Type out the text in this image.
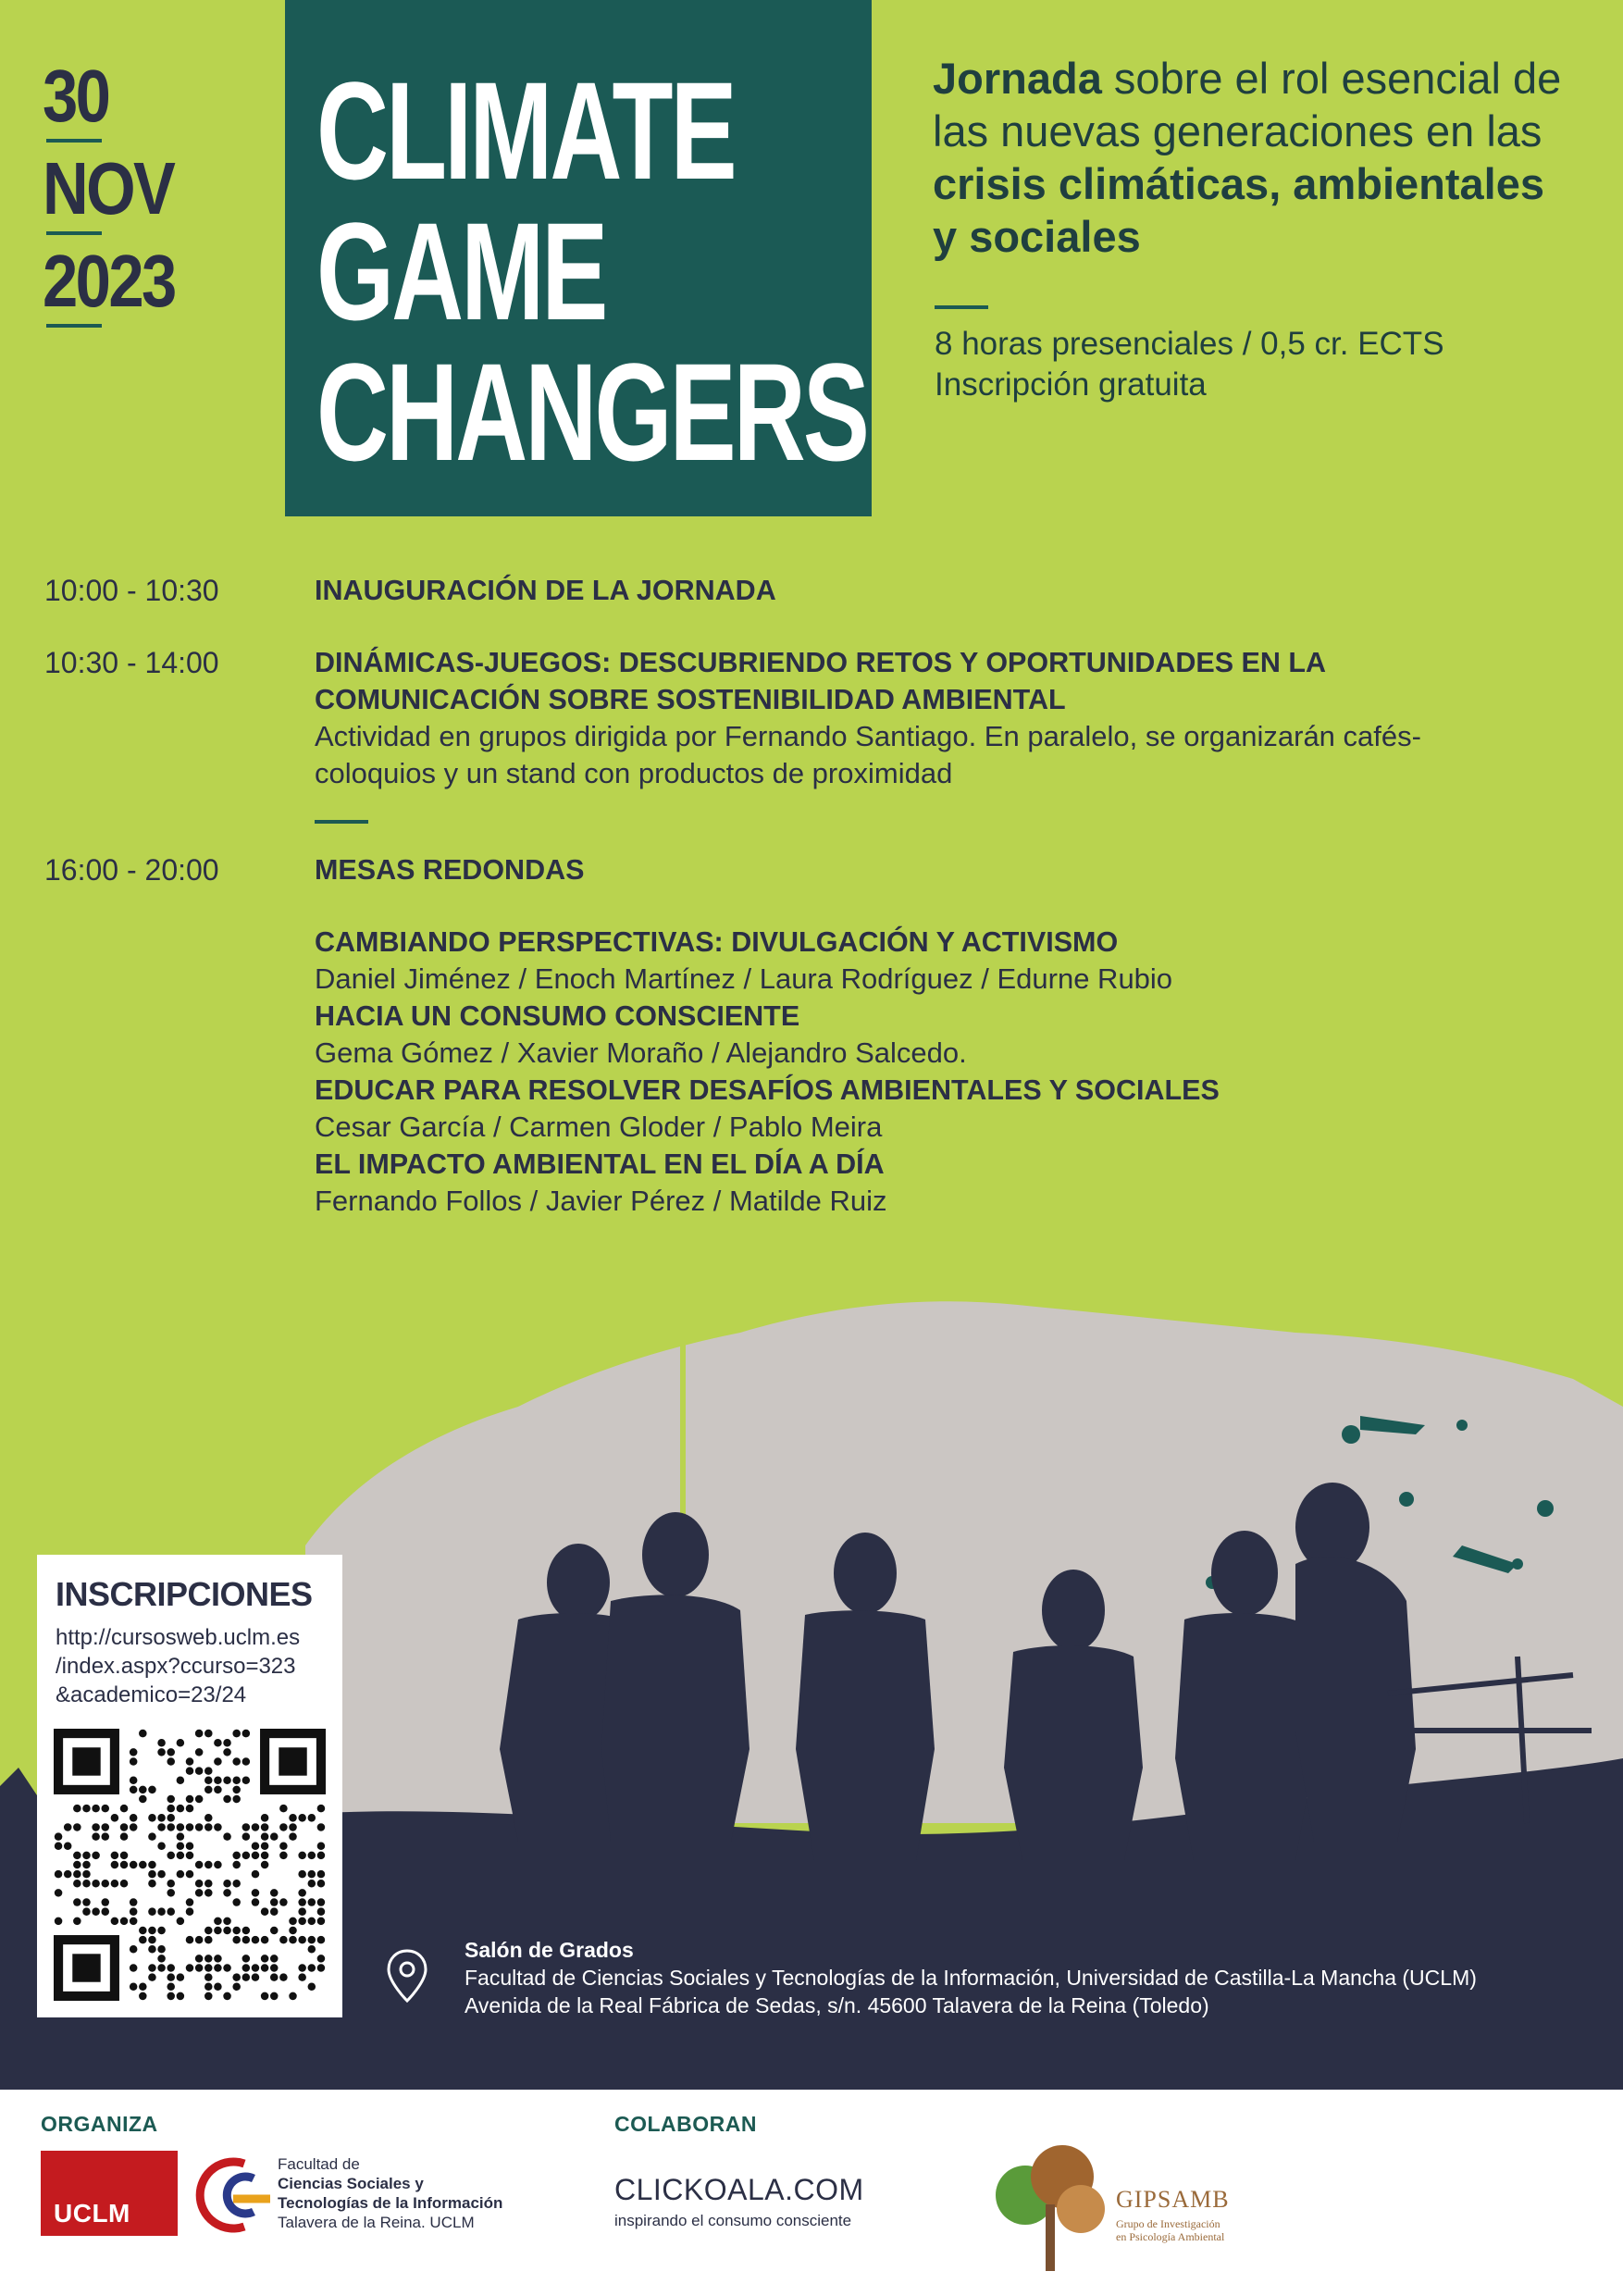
30
NOV
2023
CLIMATE
GAME
CHANGERS
Jornada sobre el rol esencial de las nuevas generaciones en las crisis climáticas, ambientales y sociales
8 horas presenciales / 0,5 cr. ECTS
Inscripción gratuita
10:00 - 10:30	INAUGURACIÓN DE LA JORNADA
10:30 - 14:00	DINÁMICAS-JUEGOS: DESCUBRIENDO RETOS Y OPORTUNIDADES EN LA COMUNICACIÓN SOBRE SOSTENIBILIDAD AMBIENTAL
Actividad en grupos dirigida por Fernando Santiago. En paralelo, se organizarán cafés-coloquios y un stand con productos de proximidad
16:00 - 20:00	MESAS REDONDAS
CAMBIANDO PERSPECTIVAS: DIVULGACIÓN Y ACTIVISMO
Daniel Jiménez / Enoch Martínez / Laura Rodríguez / Edurne Rubio
HACIA UN CONSUMO CONSCIENTE
Gema Gómez / Xavier Moraño / Alejandro Salcedo.
EDUCAR PARA RESOLVER DESAFÍOS AMBIENTALES Y SOCIALES
Cesar García / Carmen Gloder / Pablo Meira
EL IMPACTO AMBIENTAL EN EL DÍA A DÍA
Fernando Follos / Javier Pérez / Matilde Ruiz
INSCRIPCIONES
http://cursosweb.uclm.es
/index.aspx?ccurso=323
&academico=23/24
Salón de Grados
Facultad de Ciencias Sociales y Tecnologías de la Información, Universidad de Castilla-La Mancha (UCLM)
Avenida de la Real Fábrica de Sedas, s/n. 45600 Talavera de la Reina (Toledo)
ORGANIZA	COLABORAN
UCLM
Facultad de
Ciencias Sociales y
Tecnologías de la Información
Talavera de la Reina. UCLM
CLICKOALA.COM
inspirando el consumo consciente
GIPSAMB
Grupo de Investigación
en Psicología Ambiental
